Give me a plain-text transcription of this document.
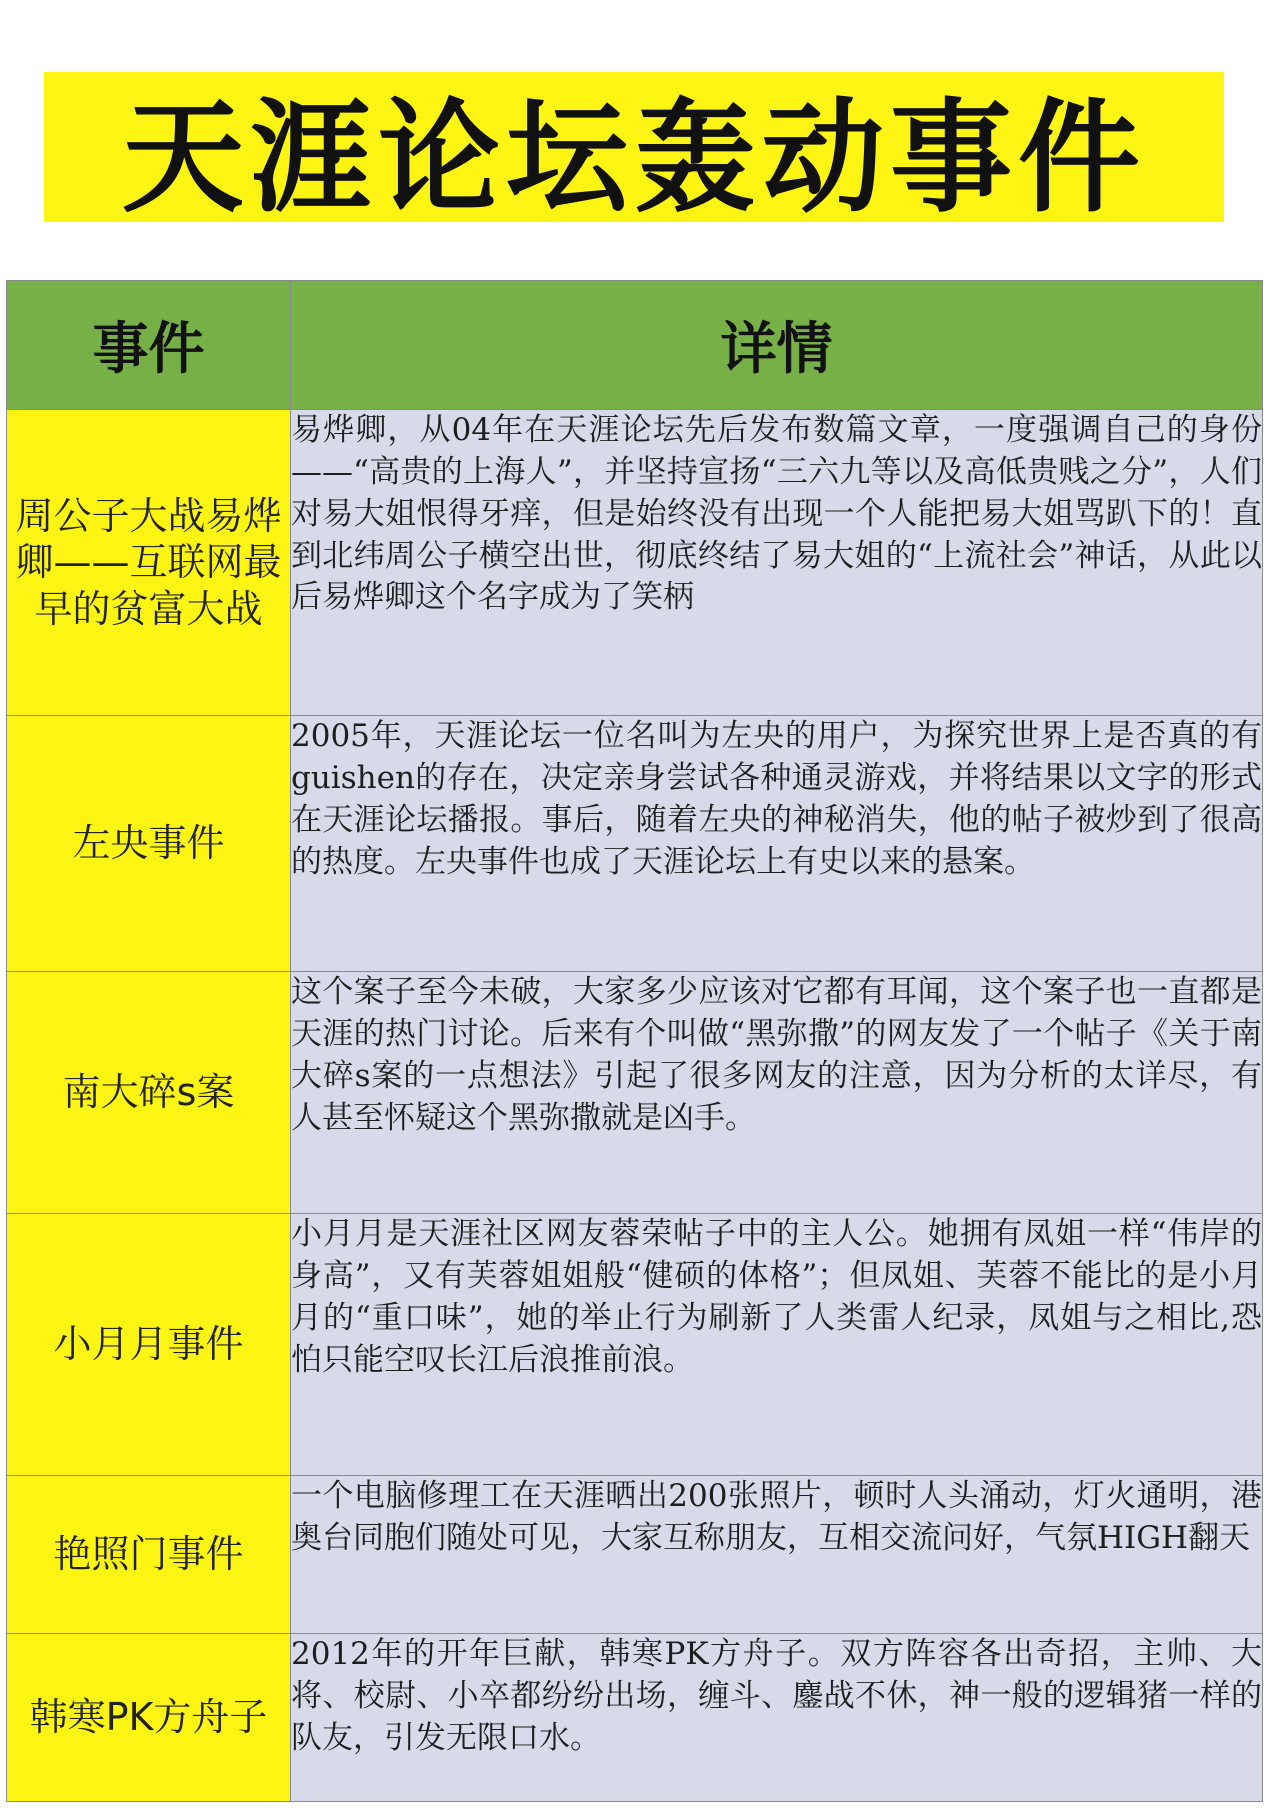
天涯论坛轰动事件
事件	详情
周公子大战易烨卿——互联网最早的贫富大战	易烨卿，从04年在天涯论坛先后发布数篇文章，一度强调自己的身份——“高贵的上海人”，并坚持宣扬“三六九等以及高低贵贱之分”，人们对易大姐恨得牙痒，但是始终没有出现一个人能把易大姐骂趴下的！直到北纬周公子横空出世，彻底终结了易大姐的“上流社会”神话，从此以后易烨卿这个名字成为了笑柄
左央事件	2005年，天涯论坛一位名叫为左央的用户，为探究世界上是否真的有guishen的存在，决定亲身尝试各种通灵游戏，并将结果以文字的形式在天涯论坛播报。事后，随着左央的神秘消失，他的帖子被炒到了很高的热度。左央事件也成了天涯论坛上有史以来的悬案。
南大碎s案	这个案子至今未破，大家多少应该对它都有耳闻，这个案子也一直都是天涯的热门讨论。后来有个叫做“黑弥撒”的网友发了一个帖子《关于南大碎s案的一点想法》引起了很多网友的注意，因为分析的太详尽，有人甚至怀疑这个黑弥撒就是凶手。
小月月事件	小月月是天涯社区网友蓉荣帖子中的主人公。她拥有凤姐一样“伟岸的身高”，又有芙蓉姐姐般“健硕的体格”；但凤姐、芙蓉不能比的是小月月的“重口味”，她的举止行为刷新了人类雷人纪录，凤姐与之相比,恐怕只能空叹长江后浪推前浪。
艳照门事件	一个电脑修理工在天涯晒出200张照片，顿时人头涌动，灯火通明，港奥台同胞们随处可见，大家互称朋友，互相交流问好，气氛HIGH翻天
韩寒PK方舟子	2012年的开年巨献，韩寒PK方舟子。双方阵容各出奇招，主帅、大将、校尉、小卒都纷纷出场，缠斗、鏖战不休，神一般的逻辑猪一样的队友，引发无限口水。
